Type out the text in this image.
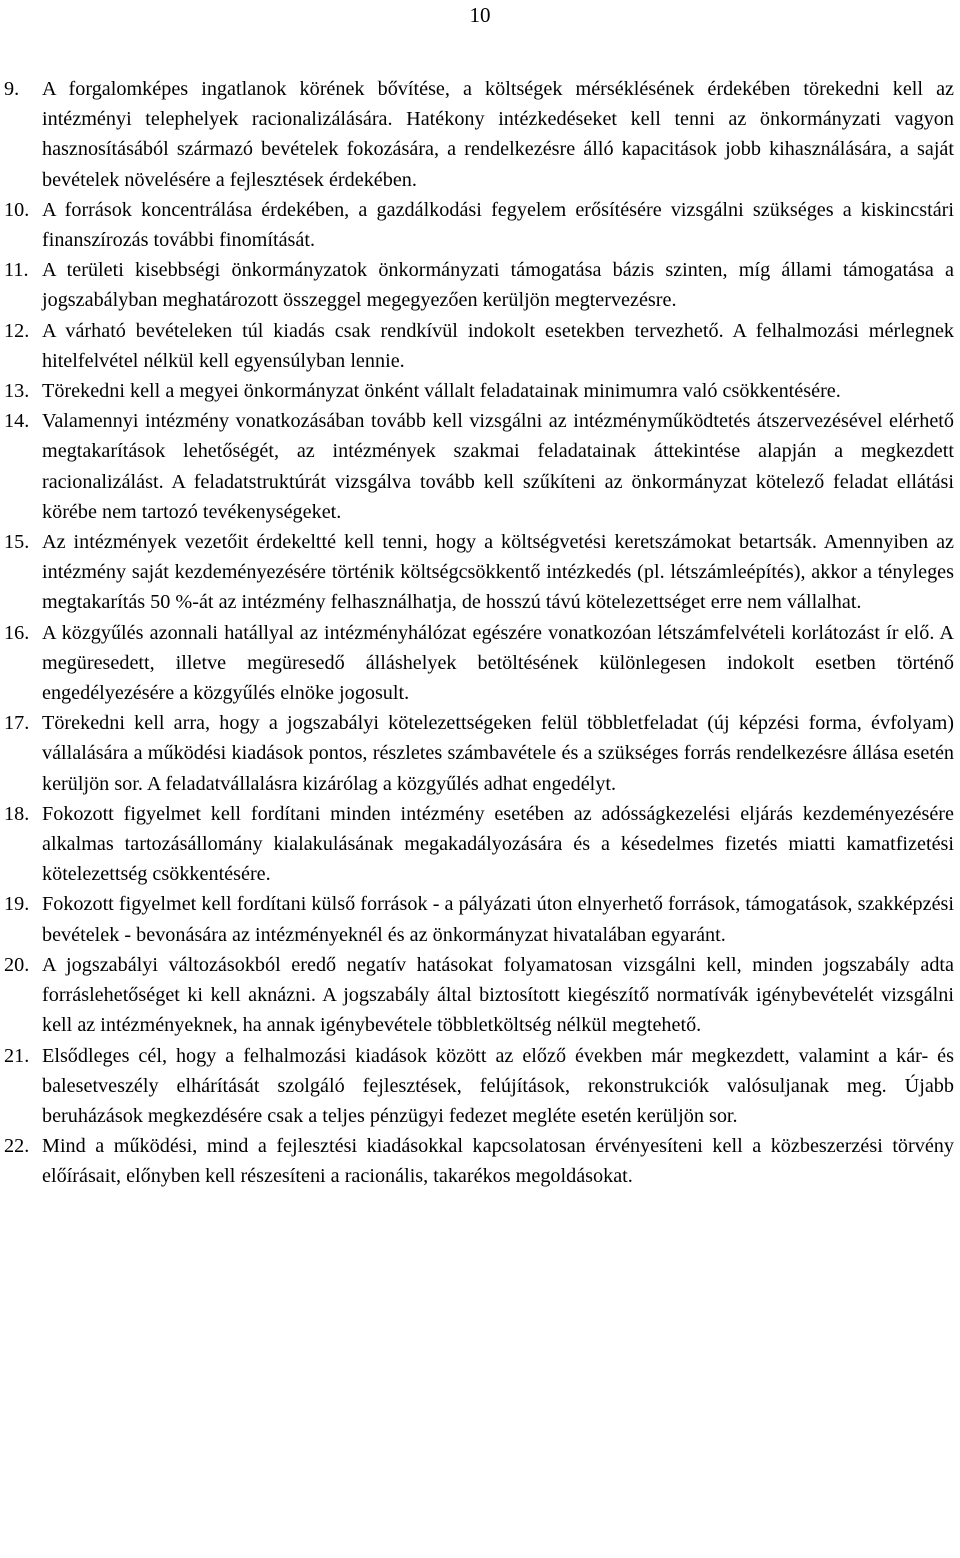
10
9.	A forgalomképes ingatlanok körének bővítése, a költségek mérséklésének érdekében törekedni kell az intézményi telephelyek racionalizálására. Hatékony intézkedéseket kell tenni az önkormányzati vagyon hasznosításából származó bevételek fokozására, a rendelkezésre álló kapacitások jobb kihasználására, a saját bevételek növelésére a fejlesztések érdekében.
10. A források koncentrálása érdekében, a gazdálkodási fegyelem erősítésére vizsgálni szükséges a kiskincstári finanszírozás további finomítását.
11. A területi kisebbségi önkormányzatok önkormányzati támogatása bázis szinten, míg állami támogatása a jogszabályban meghatározott összeggel megegyezően kerüljön megtervezésre.
12. A várható bevételeken túl kiadás csak rendkívül indokolt esetekben tervezhető. A felhalmozási mérlegnek hitelfelvétel nélkül kell egyensúlyban lennie.
13. Törekedni kell a megyei önkormányzat önként vállalt feladatainak minimumra való csökkentésére.
14. Valamennyi intézmény vonatkozásában tovább kell vizsgálni az intézményműködtetés átszervezésével elérhető megtakarítások lehetőségét, az intézmények szakmai feladatainak áttekintése alapján a megkezdett racionalizálást. A feladatstruktúrát vizsgálva tovább kell szűkíteni az önkormányzat kötelező feladat ellátási körébe nem tartozó tevékenységeket.
15. Az intézmények vezetőit érdekeltté kell tenni, hogy a költségvetési keretszámokat betartsák. Amennyiben az intézmény saját kezdeményezésére történik költségcsökkentő intézkedés (pl. létszámleépítés), akkor a tényleges megtakarítás 50 %-át az intézmény felhasználhatja, de hosszú távú kötelezettséget erre nem vállalhat.
16. A közgyűlés azonnali hatállyal az intézményhálózat egészére vonatkozóan létszámfelvételi korlátozást ír elő. A megüresedett, illetve megüresedő álláshelyek betöltésének különlegesen indokolt esetben történő engedélyezésére a közgyűlés elnöke jogosult.
17. Törekedni kell arra, hogy a jogszabályi kötelezettségeken felül többletfeladat (új képzési forma, évfolyam) vállalására a működési kiadások pontos, részletes számbavétele és a szükséges forrás rendelkezésre állása esetén kerüljön sor. A feladatvállalásra kizárólag a közgyűlés adhat engedélyt.
18. Fokozott figyelmet kell fordítani minden intézmény esetében az adósságkezelési eljárás kezdeményezésére alkalmas tartozásállomány kialakulásának megakadályozására és a késedelmes fizetés miatti kamatfizetési kötelezettség csökkentésére.
19. Fokozott figyelmet kell fordítani külső források - a pályázati úton elnyerhető források, támogatások, szakképzési bevételek - bevonására az intézményeknél és az önkormányzat hivatalában egyaránt.
20. A jogszabályi változásokból eredő negatív hatásokat folyamatosan vizsgálni kell, minden jogszabály adta forráslehetőséget ki kell aknázni. A jogszabály által biztosított kiegészítő normatívák igénybevételét vizsgálni kell az intézményeknek, ha annak igénybevétele többletköltség nélkül megtehető.
21. Elsődleges cél, hogy a felhalmozási kiadások között az előző években már megkezdett, valamint a kár- és balesetveszély elhárítását szolgáló fejlesztések, felújítások, rekonstrukciók valósuljanak meg. Újabb beruházások megkezdésére csak a teljes pénzügyi fedezet megléte esetén kerüljön sor.
22. Mind a működési, mind a fejlesztési kiadásokkal kapcsolatosan érvényesíteni kell a közbeszerzési törvény előírásait, előnyben kell részesíteni a racionális, takarékos megoldásokat.
